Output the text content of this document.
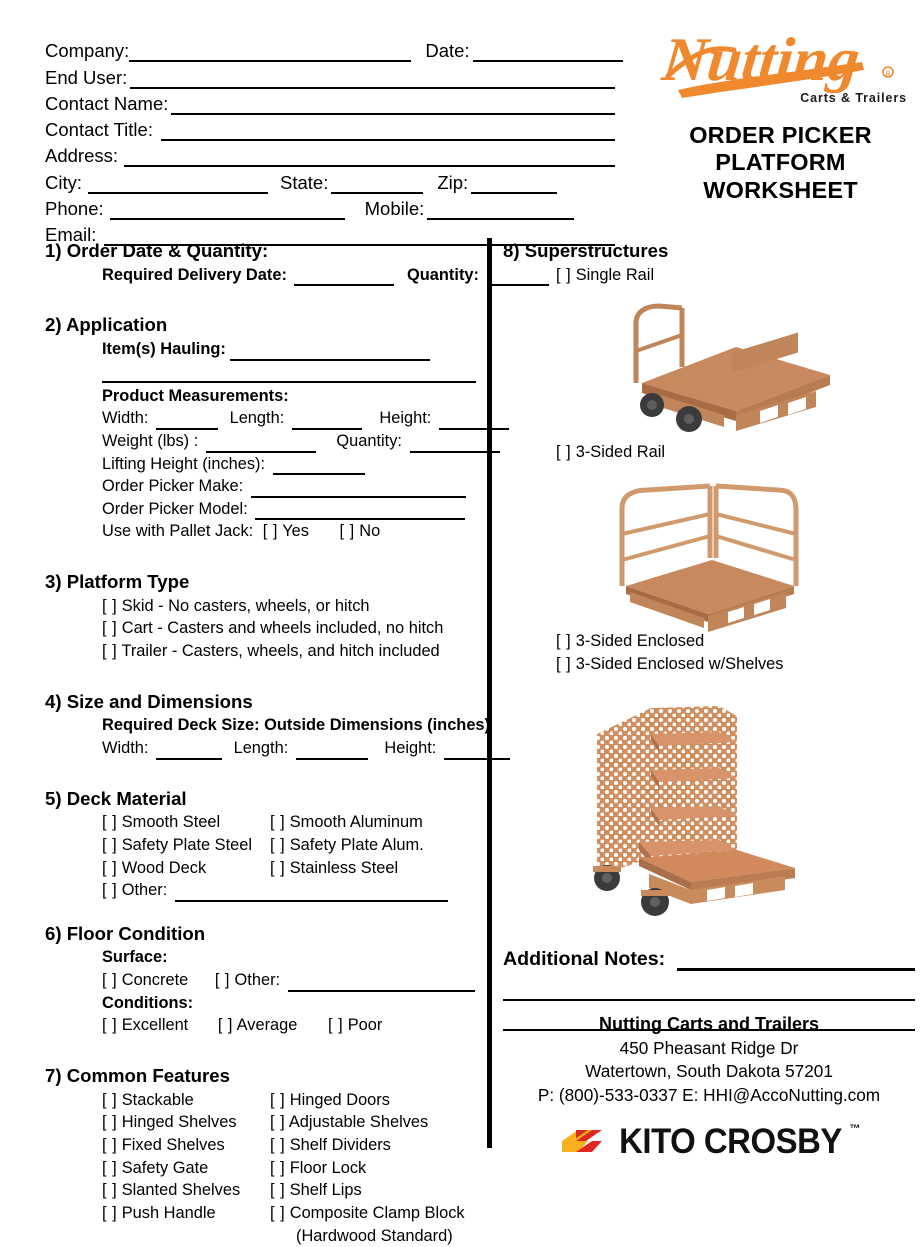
Company:	Date:
End User:
Contact Name:
Contact Title:
Address:
City:	State:	Zip:
Phone:	Mobile:
Email:
Nutting	R
Carts & Trailers
ORDER PICKER
PLATFORM
WORKSHEET
1) Order Date & Quantity:
Required Delivery Date:	Quantity:
2) Application
Item(s) Hauling:
Product Measurements:
Width:	Length:	Height:
Weight (lbs) :	Quantity:
Lifting Height (inches):
Order Picker Make:
Order Picker Model:
Use with Pallet Jack: [ ] Yes [ ] No
3) Platform Type
[ ] Skid - No casters, wheels, or hitch
[ ] Cart - Casters and wheels included, no hitch
[ ] Trailer - Casters, wheels, and hitch included
4) Size and Dimensions
Required Deck Size: Outside Dimensions (inches)
Width:	Length:	Height:
5) Deck Material
[ ] Smooth Steel	[ ] Smooth Aluminum
[ ] Safety Plate Steel	[ ] Safety Plate Alum.
[ ] Wood Deck	[ ] Stainless Steel
[ ] Other:
6) Floor Condition
Surface:
[ ] Concrete [ ] Other:
Conditions:
[ ] Excellent [ ] Average [ ] Poor
7) Common Features
[ ] Stackable	[ ] Hinged Doors
[ ] Hinged Shelves	[ ] Adjustable Shelves
[ ] Fixed Shelves	[ ] Shelf Dividers
[ ] Safety Gate	[ ] Floor Lock
[ ] Slanted Shelves	[ ] Shelf Lips
[ ] Push Handle	[ ] Composite Clamp Block
(Hardwood Standard)
8) Superstructures
[ ] Single Rail
[ ] 3-Sided Rail
[ ] 3-Sided Enclosed
[ ] 3-Sided Enclosed w/Shelves
Additional Notes:
Nutting Carts and Trailers
450 Pheasant Ridge Dr
Watertown, South Dakota 57201
P: (800)-533-0337 E: HHI@AccoNutting.com
KITO CROSBY ™
